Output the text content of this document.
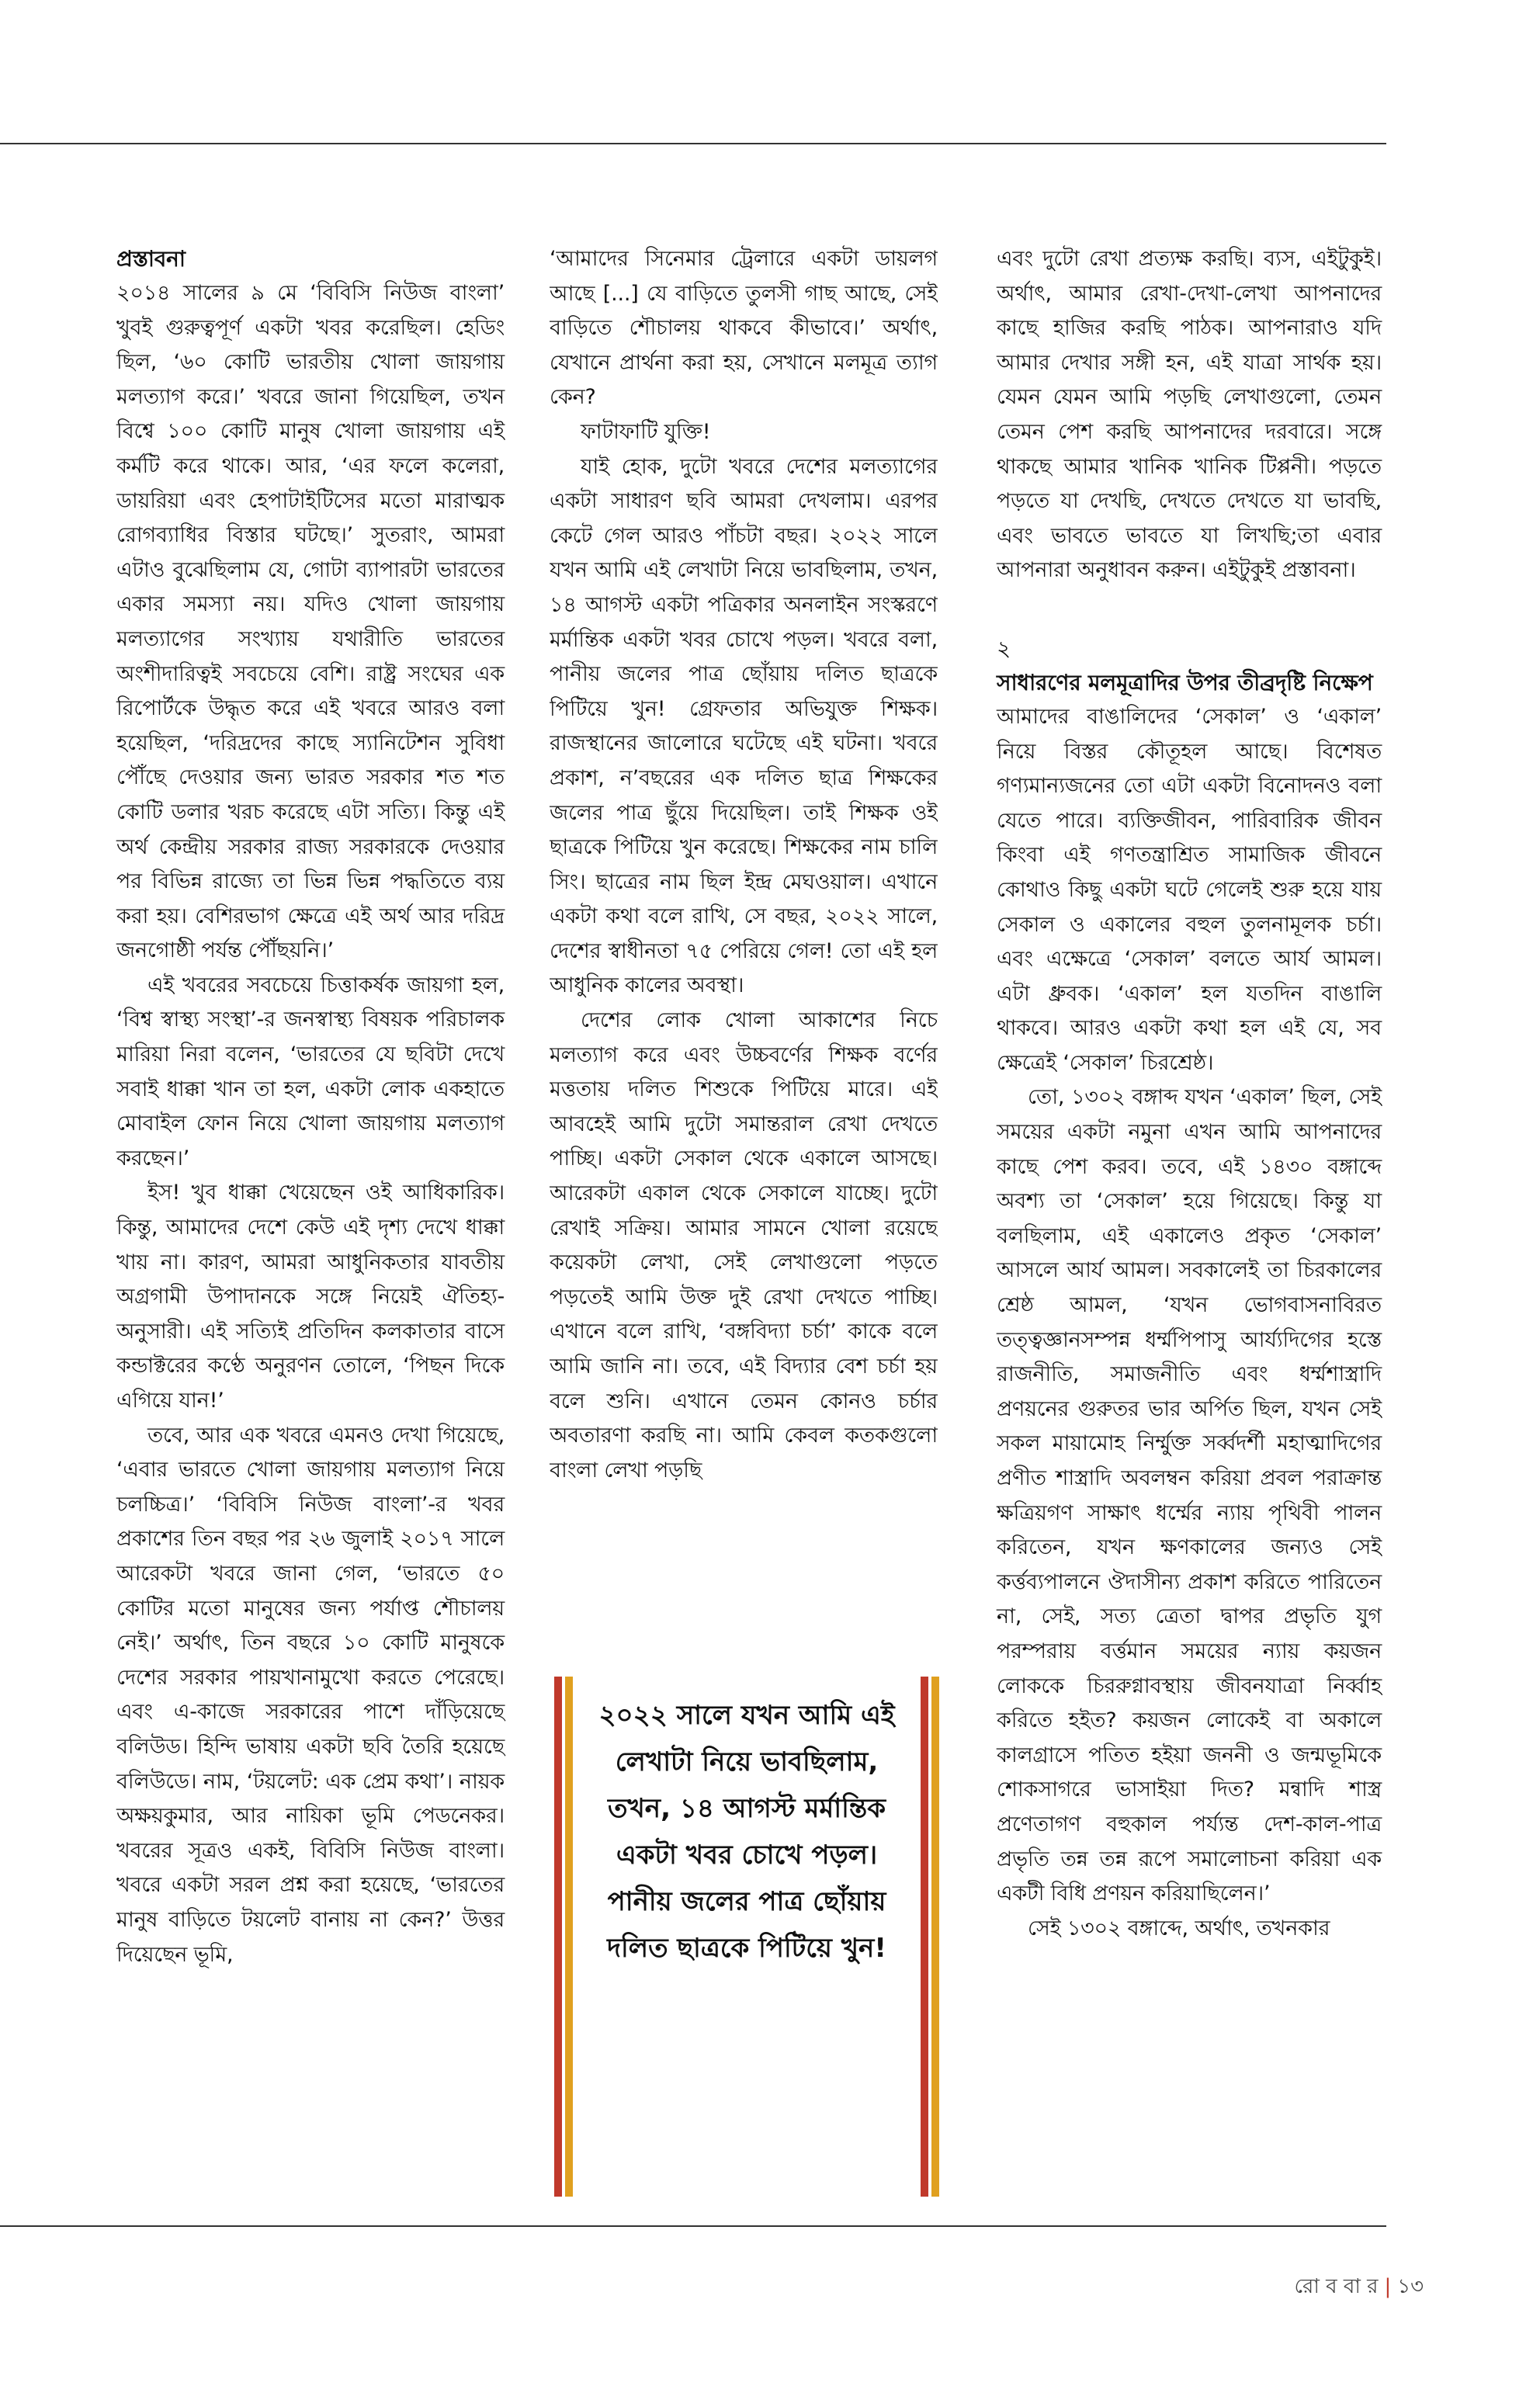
প্রস্তাবনা

২০১৪ সালের ৯ মে ‘বিবিসি নিউজ বাংলা’ খুবই গুরুত্বপূর্ণ একটা খবর করেছিল। হেডিং ছিল, ‘৬০ কোটি ভারতীয় খোলা জায়গায় মলত্যাগ করে।’ খবরে জানা গিয়েছিল, তখন বিশ্বে ১০০ কোটি মানুষ খোলা জায়গায় এই কর্মটি করে থাকে। আর, ‘এর ফলে কলেরা, ডায়রিয়া এবং হেপাটাইটিসের মতো মারাত্মক রোগব্যাধির বিস্তার ঘটছে।’ সুতরাং, আমরা এটাও বুঝেছিলাম যে, গোটা ব্যাপারটা ভারতের একার সমস্যা নয়। যদিও খোলা জায়গায় মলত্যাগের সংখ্যায় যথারীতি ভারতের অংশীদারিত্বই সবচেয়ে বেশি। রাষ্ট্র সংঘের এক রিপোর্টকে উদ্ধৃত করে এই খবরে আরও বলা হয়েছিল, ‘দরিদ্রদের কাছে স্যানিটেশন সুবিধা পৌঁছে দেওয়ার জন্য ভারত সরকার শত শত কোটি ডলার খরচ করেছে এটা সত্যি। কিন্তু এই অর্থ কেন্দ্রীয় সরকার রাজ্য সরকারকে দেওয়ার পর বিভিন্ন রাজ্যে তা ভিন্ন ভিন্ন পদ্ধতিতে ব্যয় করা হয়। বেশিরভাগ ক্ষেত্রে এই অর্থ আর দরিদ্র জনগোষ্ঠী পর্যন্ত পৌঁছয়নি।’

এই খবরের সবচেয়ে চিত্তাকর্ষক জায়গা হল, ‘বিশ্ব স্বাস্থ্য সংস্থা’-র জনস্বাস্থ্য বিষয়ক পরিচালক মারিয়া নিরা বলেন, ‘ভারতের যে ছবিটা দেখে সবাই ধাক্কা খান তা হল, একটা লোক একহাতে মোবাইল ফোন নিয়ে খোলা জায়গায় মলত্যাগ করছেন।’

ইস! খুব ধাক্কা খেয়েছেন ওই আধিকারিক। কিন্তু, আমাদের দেশে কেউ এই দৃশ্য দেখে ধাক্কা খায় না। কারণ, আমরা আধুনিকতার যাবতীয় অগ্রগামী উপাদানকে সঙ্গে নিয়েই ঐতিহ্য-অনুসারী। এই সত্যিই প্রতিদিন কলকাতার বাসে কন্ডাক্টরের কণ্ঠে অনুরণন তোলে, ‘পিছন দিকে এগিয়ে যান!’

তবে, আর এক খবরে এমনও দেখা গিয়েছে, ‘এবার ভারতে খোলা জায়গায় মলত্যাগ নিয়ে চলচ্চিত্র।’ ‘বিবিসি নিউজ বাংলা’-র খবর প্রকাশের তিন বছর পর ২৬ জুলাই ২০১৭ সালে আরেকটা খবরে জানা গেল, ‘ভারতে ৫০ কোটির মতো মানুষের জন্য পর্যাপ্ত শৌচালয় নেই।’ অর্থাৎ, তিন বছরে ১০ কোটি মানুষকে দেশের সরকার পায়খানামুখো করতে পেরেছে। এবং এ-কাজে সরকারের পাশে দাঁড়িয়েছে বলিউড। হিন্দি ভাষায় একটা ছবি তৈরি হয়েছে বলিউডে। নাম, ‘টয়লেট: এক প্রেম কথা’। নায়ক অক্ষয়কুমার, আর নায়িকা ভূমি পেডনেকর। খবরের সূত্রও একই, বিবিসি নিউজ বাংলা। খবরে একটা সরল প্রশ্ন করা হয়েছে, ‘ভারতের মানুষ বাড়িতে টয়লেট বানায় না কেন?’ উত্তর দিয়েছেন ভূমি,

‘আমাদের সিনেমার ট্রেলারে একটা ডায়লগ আছে [...] যে বাড়িতে তুলসী গাছ আছে, সেই বাড়িতে শৌচালয় থাকবে কীভাবে।’ অর্থাৎ, যেখানে প্রার্থনা করা হয়, সেখানে মলমূত্র ত্যাগ কেন?

ফাটাফাটি যুক্তি!

যাই হোক, দুটো খবরে দেশের মলত্যাগের একটা সাধারণ ছবি আমরা দেখলাম। এরপর কেটে গেল আরও পাঁচটা বছর। ২০২২ সালে যখন আমি এই লেখাটা নিয়ে ভাবছিলাম, তখন, ১৪ আগস্ট একটা পত্রিকার অনলাইন সংস্করণে মর্মান্তিক একটা খবর চোখে পড়ল। খবরে বলা, পানীয় জলের পাত্র ছোঁয়ায় দলিত ছাত্রকে পিটিয়ে খুন! গ্রেফতার অভিযুক্ত শিক্ষক। রাজস্থানের জালোরে ঘটেছে এই ঘটনা। খবরে প্রকাশ, ন’বছরের এক দলিত ছাত্র শিক্ষকের জলের পাত্র ছুঁয়ে দিয়েছিল। তাই শিক্ষক ওই ছাত্রকে পিটিয়ে খুন করেছে। শিক্ষকের নাম চালি সিং। ছাত্রের নাম ছিল ইন্দ্র মেঘওয়াল। এখানে একটা কথা বলে রাখি, সে বছর, ২০২২ সালে, দেশের স্বাধীনতা ৭৫ পেরিয়ে গেল! তো এই হল আধুনিক কালের অবস্থা।

দেশের লোক খোলা আকাশের নিচে মলত্যাগ করে এবং উচ্চবর্ণের শিক্ষক বর্ণের মত্ততায় দলিত শিশুকে পিটিয়ে মারে। এই আবহেই আমি দুটো সমান্তরাল রেখা দেখতে পাচ্ছি। একটা সেকাল থেকে একালে আসছে। আরেকটা একাল থেকে সেকালে যাচ্ছে। দুটো রেখাই সক্রিয়। আমার সামনে খোলা রয়েছে কয়েকটা লেখা, সেই লেখাগুলো পড়তে পড়তেই আমি উক্ত দুই রেখা দেখতে পাচ্ছি। এখানে বলে রাখি, ‘বঙ্গবিদ্যা চর্চা’ কাকে বলে আমি জানি না। তবে, এই বিদ্যার বেশ চর্চা হয় বলে শুনি। এখানে তেমন কোনও চর্চার অবতারণা করছি না। আমি কেবল কতকগুলো বাংলা লেখা পড়ছি

২০২২ সালে যখন আমি এই লেখাটা নিয়ে ভাবছিলাম, তখন, ১৪ আগস্ট মর্মান্তিক একটা খবর চোখে পড়ল। পানীয় জলের পাত্র ছোঁয়ায় দলিত ছাত্রকে পিটিয়ে খুন!

এবং দুটো রেখা প্রত্যক্ষ করছি। ব্যস, এইটুকুই। অর্থাৎ, আমার রেখা-দেখা-লেখা আপনাদের কাছে হাজির করছি পাঠক। আপনারাও যদি আমার দেখার সঙ্গী হন, এই যাত্রা সার্থক হয়। যেমন যেমন আমি পড়ছি লেখাগুলো, তেমন তেমন পেশ করছি আপনাদের দরবারে। সঙ্গে থাকছে আমার খানিক খানিক টিপ্পনী। পড়তে পড়তে যা দেখছি, দেখতে দেখতে যা ভাবছি, এবং ভাবতে ভাবতে যা লিখছি;তা এবার আপনারা অনুধাবন করুন। এইটুকুই প্রস্তাবনা।

২

সাধারণের মলমূত্রাদির উপর তীব্রদৃষ্টি নিক্ষেপ

আমাদের বাঙালিদের ‘সেকাল’ ও ‘একাল’ নিয়ে বিস্তর কৌতূহল আছে। বিশেষত গণ্যমান্যজনের তো এটা একটা বিনোদনও বলা যেতে পারে। ব্যক্তিজীবন, পারিবারিক জীবন কিংবা এই গণতন্ত্রাশ্রিত সামাজিক জীবনে কোথাও কিছু একটা ঘটে গেলেই শুরু হয়ে যায় সেকাল ও একালের বহুল তুলনামূলক চর্চা। এবং এক্ষেত্রে ‘সেকাল’ বলতে আর্য আমল। এটা ধ্রুবক। ‘একাল’ হল যতদিন বাঙালি থাকবে। আরও একটা কথা হল এই যে, সব ক্ষেত্রেই ‘সেকাল’ চিরশ্রেষ্ঠ।

তো, ১৩০২ বঙ্গাব্দ যখন ‘একাল’ ছিল, সেই সময়ের একটা নমুনা এখন আমি আপনাদের কাছে পেশ করব। তবে, এই ১৪৩০ বঙ্গাব্দে অবশ্য তা ‘সেকাল’ হয়ে গিয়েছে। কিন্তু যা বলছিলাম, এই একালেও প্রকৃত ‘সেকাল’ আসলে আর্য আমল। সবকালেই তা চিরকালের শ্রেষ্ঠ আমল, ‘যখন ভোগবাসনাবিরত তত্ত্বজ্ঞানসম্পন্ন ধর্ম্মপিপাসু আর্য্যদিগের হস্তে রাজনীতি, সমাজনীতি এবং ধর্ম্মশাস্ত্রাদি প্রণয়নের গুরুতর ভার অর্পিত ছিল, যখন সেই সকল মায়ামোহ নির্ম্মুক্ত সর্ব্বদর্শী মহাত্মাদিগের প্রণীত শাস্ত্রাদি অবলম্বন করিয়া প্রবল পরাক্রান্ত ক্ষত্রিয়গণ সাক্ষাৎ ধর্ম্মের ন্যায় পৃথিবী পালন করিতেন, যখন ক্ষণকালের জন্যও সেই কর্ত্তব্যপালনে ঔদাসীন্য প্রকাশ করিতে পারিতেন না, সেই, সত্য ত্রেতা দ্বাপর প্রভৃতি যুগ পরম্পরায় বর্ত্তমান সময়ের ন্যায় কয়জন লোককে চিররুগ্নাবস্থায় জীবনযাত্রা নির্ব্বাহ করিতে হইত? কয়জন লোকেই বা অকালে কালগ্রাসে পতিত হইয়া জননী ও জন্মভূমিকে শোকসাগরে ভাসাইয়া দিত? মন্বাদি শাস্ত্র প্রণেতাগণ বহুকাল পর্য্যন্ত দেশ-কাল-পাত্র প্রভৃতি তন্ন তন্ন রূপে সমালোচনা করিয়া এক একটী বিধি প্রণয়ন করিয়াছিলেন।’

সেই ১৩০২ বঙ্গাব্দে, অর্থাৎ, তখনকার

রো ব বা র | ১৩
